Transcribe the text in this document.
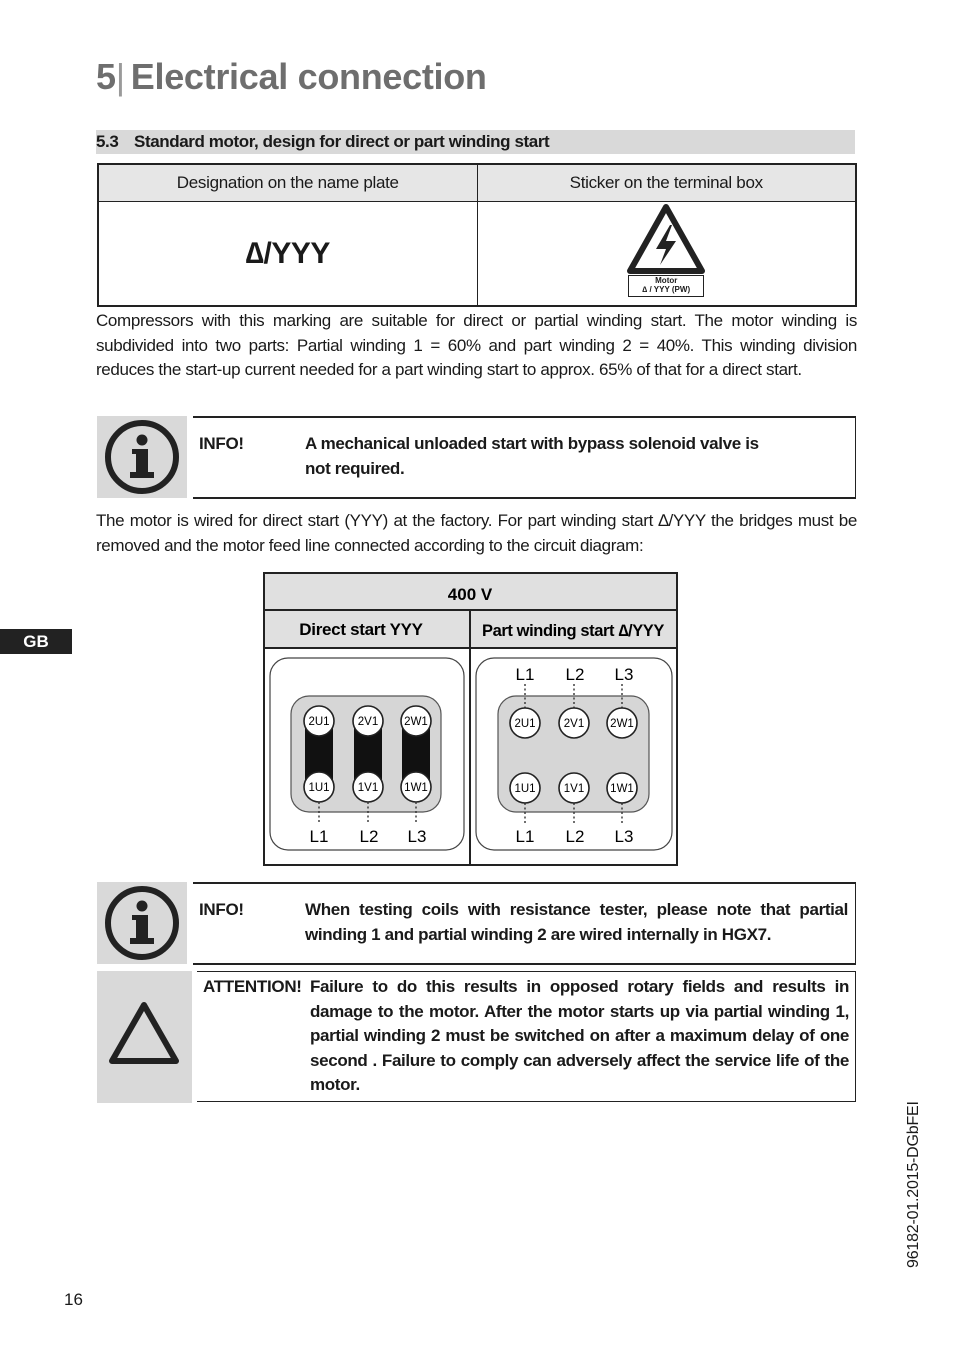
5| Electrical connection
5.3 Standard motor, design for direct or part winding start
Designation on the name plate	Sticker on the terminal box
∆/YYY	Motor
∆ / YYY (PW)
Compressors with this marking are suitable for direct or partial winding start. The motor winding is subdivided into two parts: Partial winding 1 = 60% and part winding 2 = 40%. This winding division reduces the start-up current needed for a part winding start to approx. 65% of that for a direct start.
INFO!	A mechanical unloaded start with bypass solenoid valve is
not required.
The motor is wired for direct start (YYY) at the factory. For part winding start ∆/YYY the bridges must be removed and the motor feed line connected according to the circuit diagram:
GB
400 V
Direct start YYY	Part winding start ∆/YYY
2U1 2V1 2W1
1U1 1V1 1W1
L1 L2 L3
L1 L2 L3
2U1 2V1 2W1
1U1 1V1 1W1
L1 L2 L3
INFO!	When testing coils with resistance tester, please note that partial winding 1 and partial winding 2 are wired internally in HGX7.
ATTENTION! Failure to do this results in opposed rotary fields and results in damage to the motor. After the motor starts up via partial winding 1, partial winding 2 must be switched on after a maximum delay of one second . Failure to comply can adversely affect the service life of the motor.
16
96182-01.2015-DGbFEI
